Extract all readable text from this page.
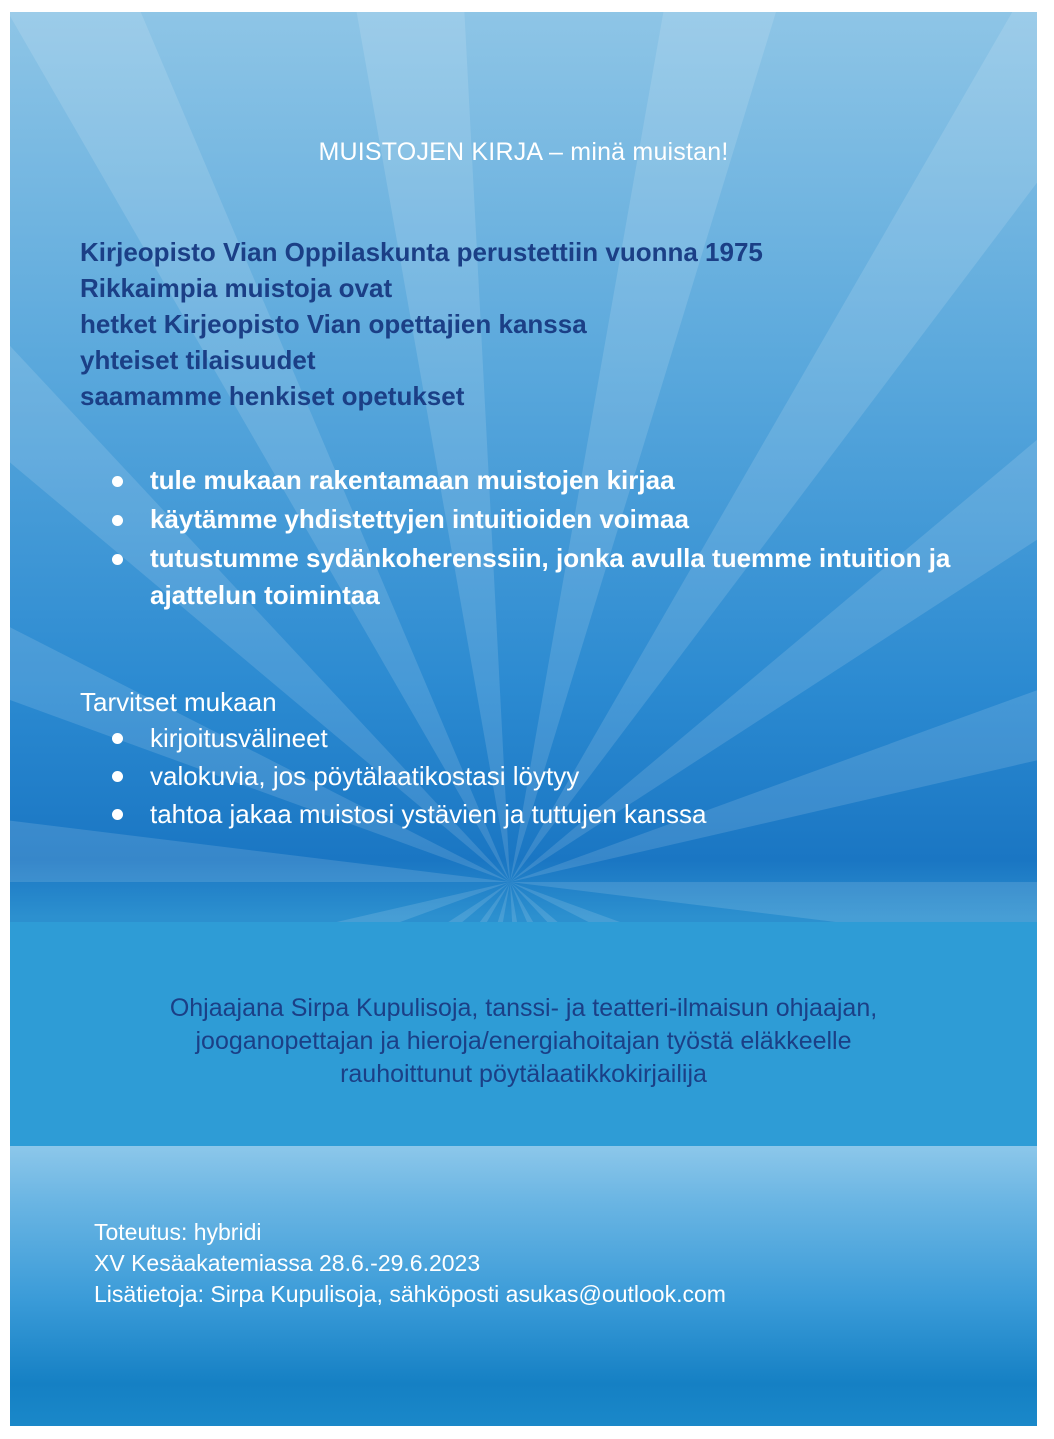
MUISTOJEN KIRJA – minä muistan!
Kirjeopisto Vian Oppilaskunta perustettiin vuonna 1975
Rikkaimpia muistoja ovat
hetket Kirjeopisto Vian opettajien kanssa
yhteiset tilaisuudet
saamamme henkiset opetukset
tule mukaan rakentamaan muistojen kirjaa
käytämme yhdistettyjen intuitioiden voimaa
tutustumme sydänkoherenssiin, jonka avulla tuemme intuition ja ajattelun toimintaa
Tarvitset mukaan
kirjoitusvälineet
valokuvia, jos pöytälaatikostasi löytyy
tahtoa jakaa muistosi ystävien ja tuttujen kanssa
Ohjaajana Sirpa Kupulisoja, tanssi- ja teatteri-ilmaisun ohjaajan,
jooganopettajan ja hieroja/energiahoitajan työstä eläkkeelle
rauhoittunut pöytälaatikkokirjailija
Toteutus: hybridi
XV Kesäakatemiassa 28.6.-29.6.2023
Lisätietoja: Sirpa Kupulisoja, sähköposti asukas@outlook.com
